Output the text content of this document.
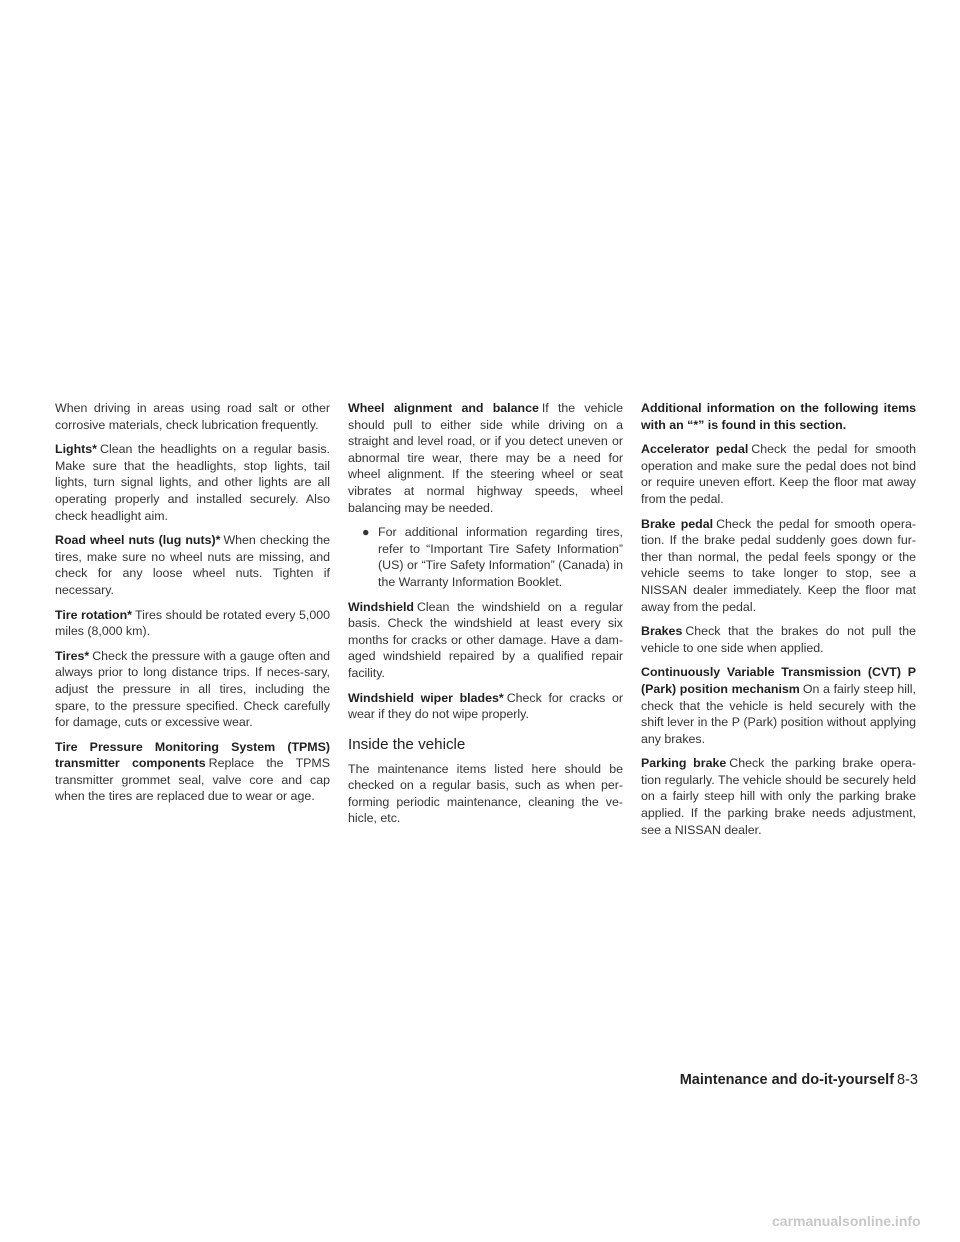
When driving in areas using road salt or other corrosive materials, check lubrication frequently.

Lights* Clean the headlights on a regular basis. Make sure that the headlights, stop lights, tail lights, turn signal lights, and other lights are all operating properly and installed securely. Also check headlight aim.

Road wheel nuts (lug nuts)* When checking the tires, make sure no wheel nuts are missing, and check for any loose wheel nuts. Tighten if necessary.

Tire rotation* Tires should be rotated every 5,000 miles (8,000 km).

Tires* Check the pressure with a gauge often and always prior to long distance trips. If neces-sary, adjust the pressure in all tires, including the spare, to the pressure specified. Check carefully for damage, cuts or excessive wear.

Tire Pressure Monitoring System (TPMS) transmitter components Replace the TPMS transmitter grommet seal, valve core and cap when the tires are replaced due to wear or age.

Wheel alignment and balance If the vehicle should pull to either side while driving on a straight and level road, or if you detect uneven or abnormal tire wear, there may be a need for wheel alignment. If the steering wheel or seat vibrates at normal highway speeds, wheel balancing may be needed.

● For additional information regarding tires, refer to “Important Tire Safety Information” (US) or “Tire Safety Information” (Canada) in the Warranty Information Booklet.

Windshield Clean the windshield on a regular basis. Check the windshield at least every six months for cracks or other damage. Have a dam-aged windshield repaired by a qualified repair facility.

Windshield wiper blades* Check for cracks or wear if they do not wipe properly.

Inside the vehicle

The maintenance items listed here should be checked on a regular basis, such as when per-forming periodic maintenance, cleaning the ve-hicle, etc.

Additional information on the following items with an “*” is found in this section.

Accelerator pedal Check the pedal for smooth operation and make sure the pedal does not bind or require uneven effort. Keep the floor mat away from the pedal.

Brake pedal Check the pedal for smooth opera-tion. If the brake pedal suddenly goes down fur-ther than normal, the pedal feels spongy or the vehicle seems to take longer to stop, see a NISSAN dealer immediately. Keep the floor mat away from the pedal.

Brakes Check that the brakes do not pull the vehicle to one side when applied.

Continuously Variable Transmission (CVT) P (Park) position mechanism On a fairly steep hill, check that the vehicle is held securely with the shift lever in the P (Park) position without applying any brakes.

Parking brake Check the parking brake opera-tion regularly. The vehicle should be securely held on a fairly steep hill with only the parking brake applied. If the parking brake needs adjustment, see a NISSAN dealer.

Maintenance and do-it-yourself 8-3
carmanualsonline.info
